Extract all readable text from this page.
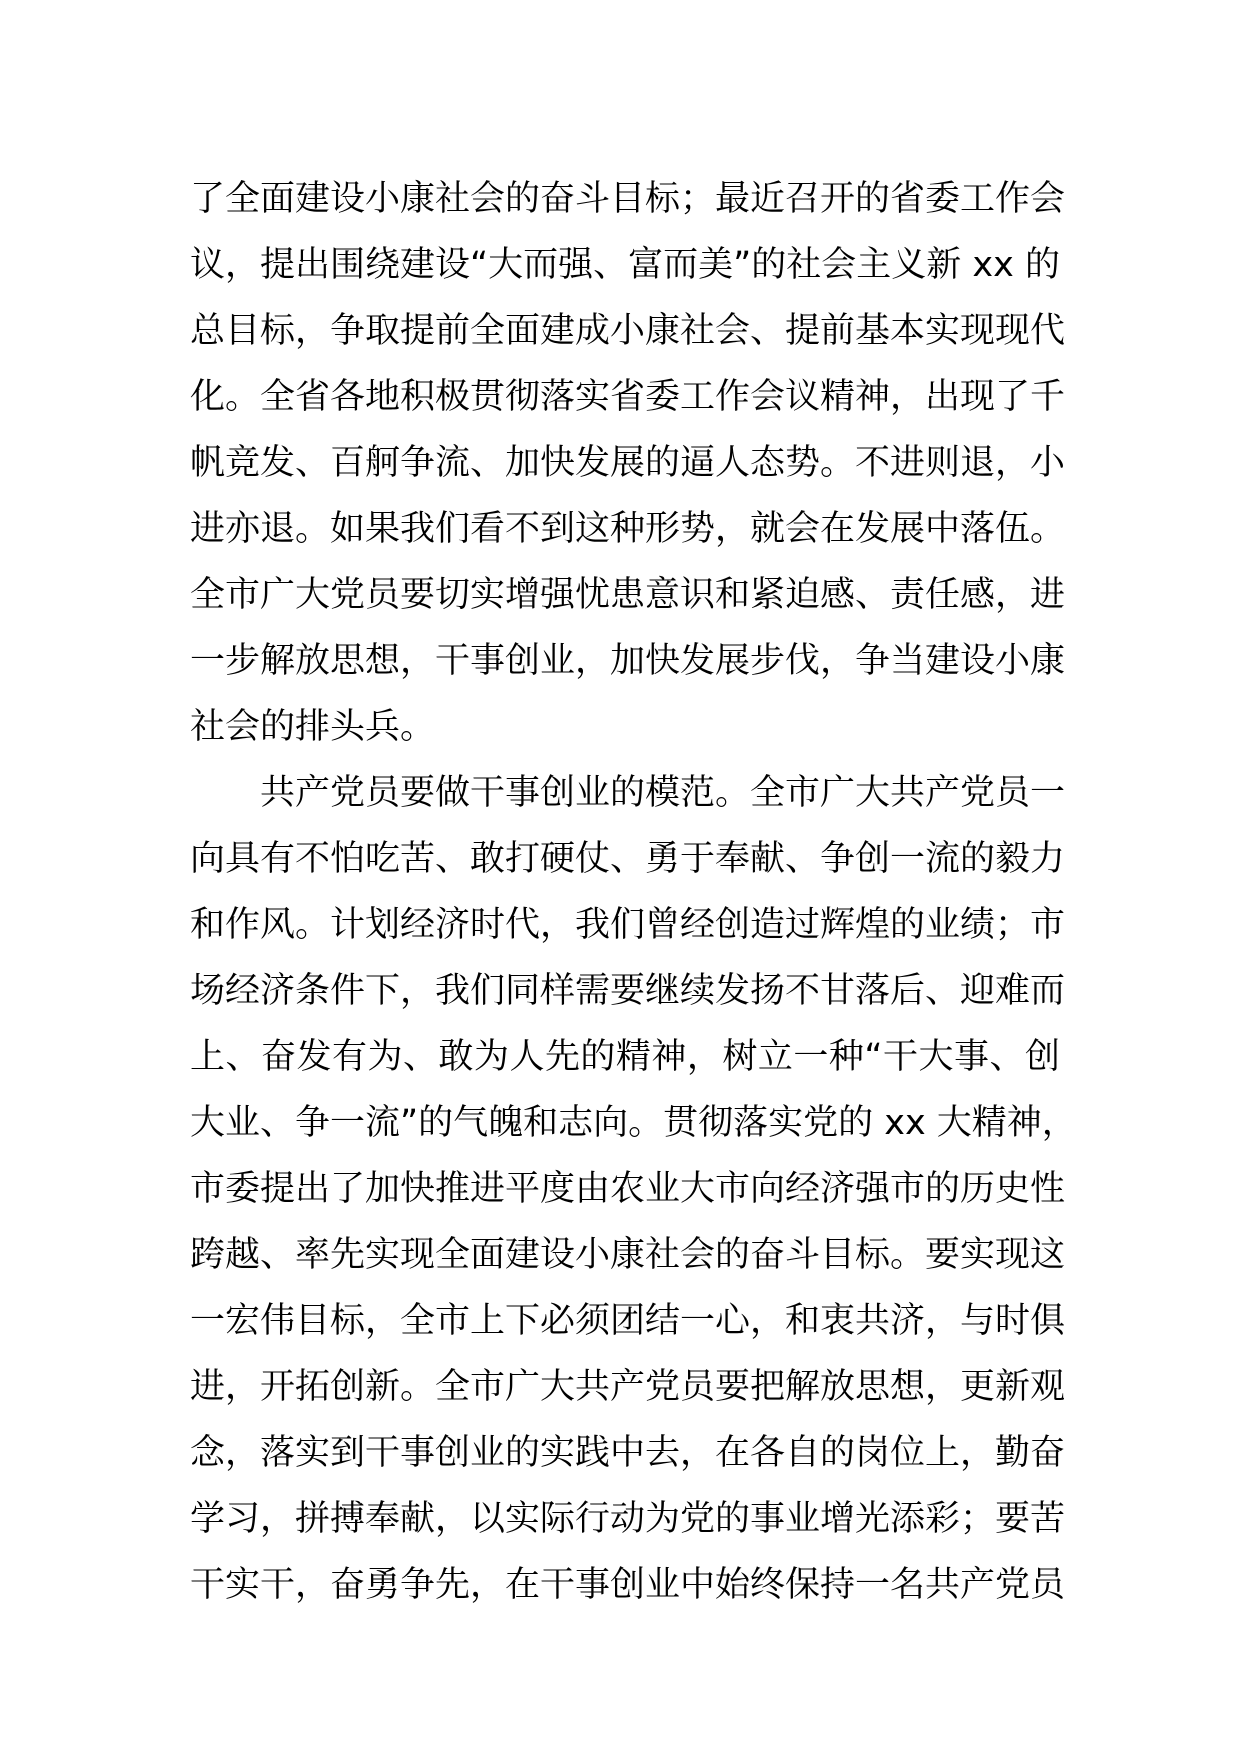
了全面建设小康社会的奋斗目标；最近召开的省委工作会
议，提出围绕建设“大而强、富而美”的社会主义新 xx 的
总目标，争取提前全面建成小康社会、提前基本实现现代
化。全省各地积极贯彻落实省委工作会议精神，出现了千
帆竞发、百舸争流、加快发展的逼人态势。不进则退，小
进亦退。如果我们看不到这种形势，就会在发展中落伍。
全市广大党员要切实增强忧患意识和紧迫感、责任感，进
一步解放思想，干事创业，加快发展步伐，争当建设小康
社会的排头兵。
　　共产党员要做干事创业的模范。全市广大共产党员一
向具有不怕吃苦、敢打硬仗、勇于奉献、争创一流的毅力
和作风。计划经济时代，我们曾经创造过辉煌的业绩；市
场经济条件下，我们同样需要继续发扬不甘落后、迎难而
上、奋发有为、敢为人先的精神，树立一种“干大事、创
大业、争一流”的气魄和志向。贯彻落实党的 xx 大精神，
市委提出了加快推进平度由农业大市向经济强市的历史性
跨越、率先实现全面建设小康社会的奋斗目标。要实现这
一宏伟目标，全市上下必须团结一心，和衷共济，与时俱
进，开拓创新。全市广大共产党员要把解放思想，更新观
念，落实到干事创业的实践中去，在各自的岗位上，勤奋
学习，拼搏奉献，以实际行动为党的事业增光添彩；要苦
干实干，奋勇争先，在干事创业中始终保持一名共产党员
